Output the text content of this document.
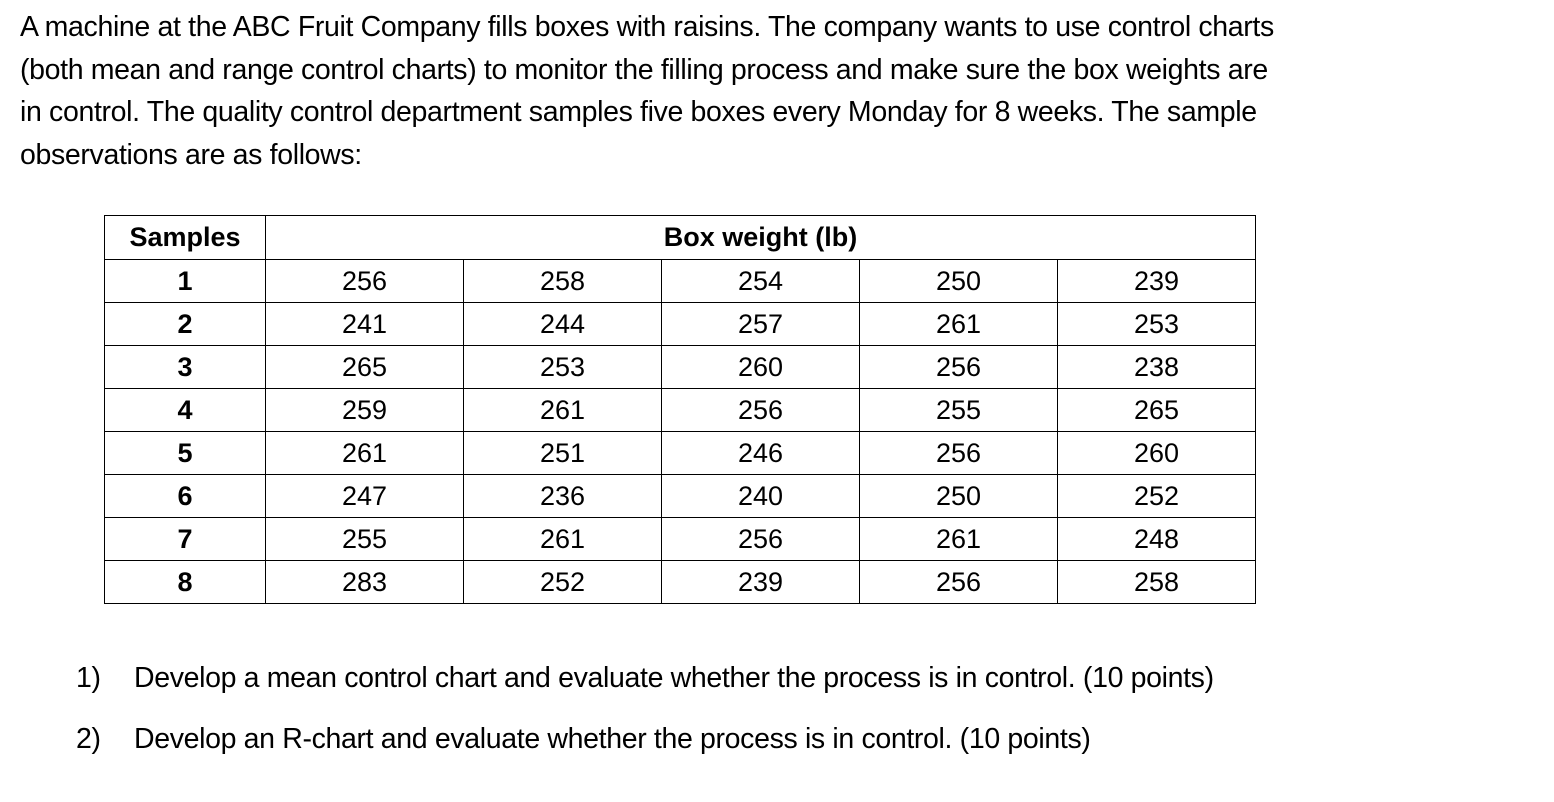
A machine at the ABC Fruit Company fills boxes with raisins. The company wants to use control charts
(both mean and range control charts) to monitor the filling process and make sure the box weights are
in control. The quality control department samples five boxes every Monday for 8 weeks. The sample
observations are as follows:
Samples	Box weight (lb)				
1	256	258	254	250	239
2	241	244	257	261	253
3	265	253	260	256	238
4	259	261	256	255	265
5	261	251	246	256	260
6	247	236	240	250	252
7	255	261	256	261	248
8	283	252	239	256	258
1)	Develop a mean control chart and evaluate whether the process is in control. (10 points)
2)	Develop an R-chart and evaluate whether the process is in control. (10 points)
